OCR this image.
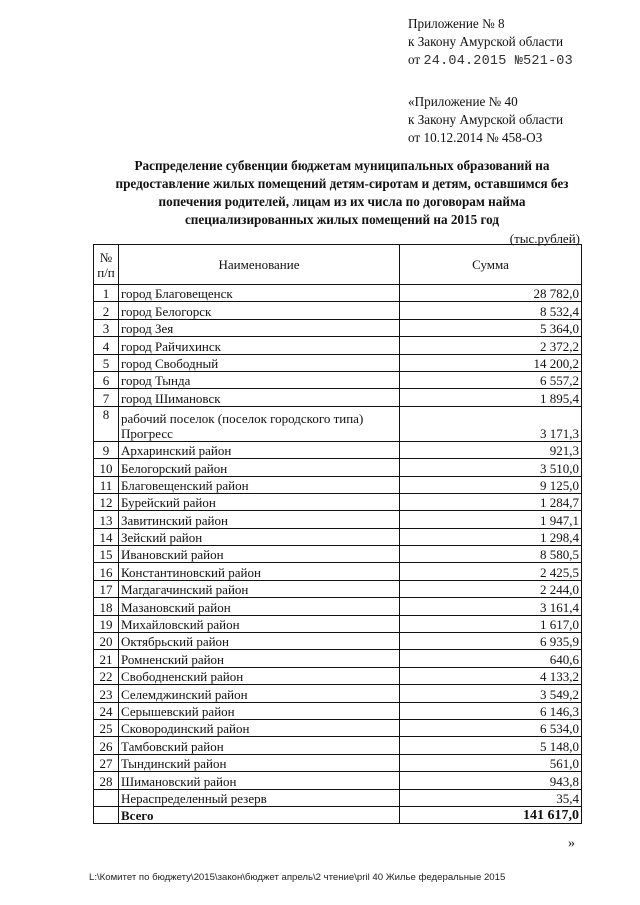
Приложение № 8
к Закону Амурской области
от 24.04.2015 №521-03
«Приложение № 40
к Закону Амурской области
от 10.12.2014 № 458-ОЗ
Распределение субвенции бюджетам муниципальных образований на
предоставление жилых помещений детям-сиротам и детям, оставшимся без
попечения родителей, лицам из их числа по договорам найма
специализированных жилых помещений на 2015 год
(тыс.рублей)
№
п/п	Наименование	Сумма
1	город Благовещенск	28 782,0
2	город Белогорск	8 532,4
3	город Зея	5 364,0
4	город Райчихинск	2 372,2
5	город Свободный	14 200,2
6	город Тында	6 557,2
7	город Шимановск	1 895,4
8	рабочий поселок (поселок городского типа) Прогресс	3 171,3
9	Архаринский район	921,3
10	Белогорский район	3 510,0
11	Благовещенский район	9 125,0
12	Бурейский район	1 284,7
13	Завитинский район	1 947,1
14	Зейский район	1 298,4
15	Ивановский район	8 580,5
16	Константиновский район	2 425,5
17	Магдагачинский район	2 244,0
18	Мазановский район	3 161,4
19	Михайловский район	1 617,0
20	Октябрьский район	6 935,9
21	Ромненский район	640,6
22	Свободненский район	4 133,2
23	Селемджинский район	3 549,2
24	Серышевский район	6 146,3
25	Сковородинский район	6 534,0
26	Тамбовский район	5 148,0
27	Тындинский район	561,0
28	Шимановский район	943,8
	Нераспределенный резерв	35,4
	Всего	141 617,0
»
L:\Комитет по бюджету\2015\закон\бюджет апрель\2 чтение\pril 40 Жилье федеральные 2015
